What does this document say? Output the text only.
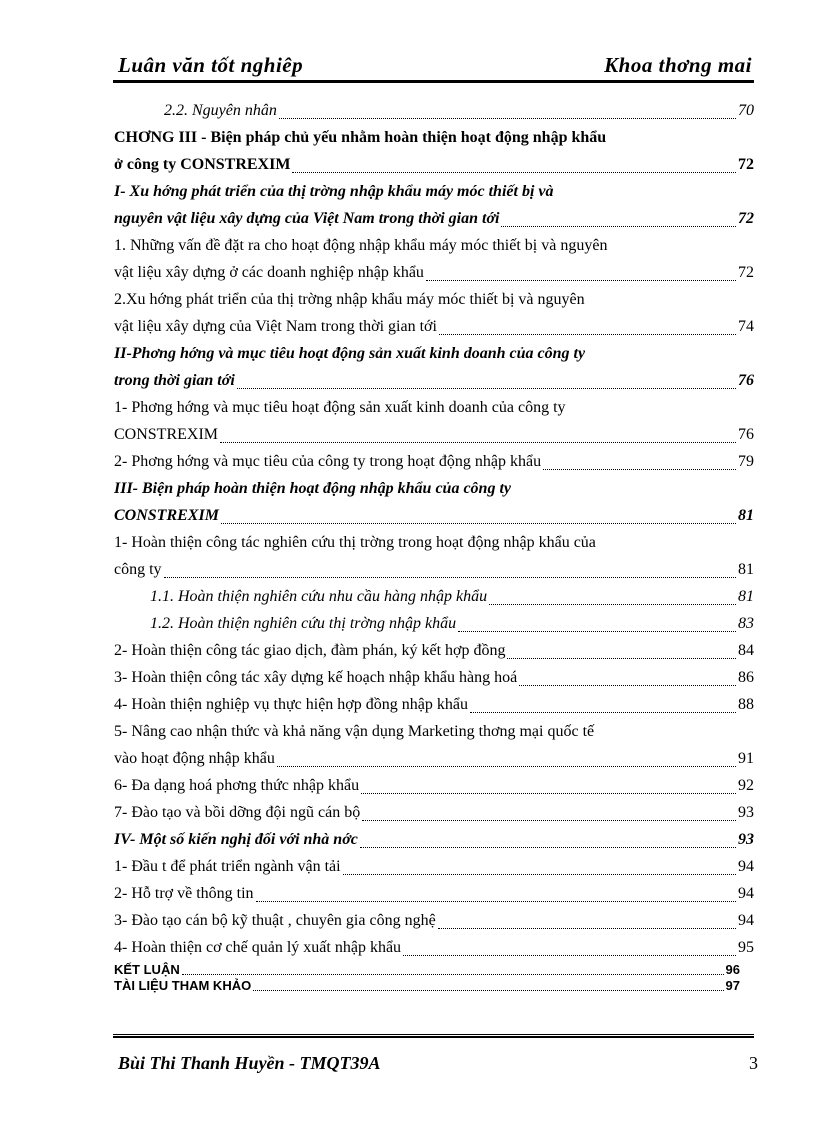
Luân văn tốt nghiêp	Khoa thơng mai
2.2. Nguyên nhân	70
CHƠNG III - Biện pháp chủ yếu nhằm hoàn thiện hoạt động nhập khẩu
ở công ty CONSTREXIM	72
I- Xu hớng phát triển của thị trờng nhập khẩu máy móc thiết bị và
nguyên vật liệu xây dựng của Việt Nam trong thời gian tới	72
1. Những vấn đề đặt ra cho hoạt động nhập khẩu máy móc thiết bị và nguyên
vật liệu xây dựng ở các doanh nghiệp nhập khẩu	72
2.Xu hớng phát triển của thị trờng nhập khẩu máy móc thiết bị và nguyên
vật liệu xây dựng của Việt Nam trong thời gian tới	74
II-Phơng hớng và mục tiêu hoạt động sản xuất kinh doanh của công ty
trong thời gian tới	76
1- Phơng hớng và mục tiêu hoạt động sản xuất kinh doanh của công ty
CONSTREXIM	76
2- Phơng hớng và mục tiêu của công ty trong hoạt động nhập khẩu	79
III- Biện pháp hoàn thiện hoạt động nhập khẩu của công ty
CONSTREXIM	81
1- Hoàn thiện công tác nghiên cứu thị trờng trong hoạt động nhập khẩu của
công ty	81
1.1. Hoàn thiện nghiên cứu nhu cầu hàng nhập khẩu	81
1.2. Hoàn thiện nghiên cứu thị trờng nhập khẩu	83
2- Hoàn thiện công tác giao dịch, đàm phán, ký kết hợp đồng	84
3- Hoàn thiện công tác xây dựng kế hoạch nhập khẩu hàng hoá	86
4- Hoàn thiện nghiệp vụ thực hiện hợp đồng nhập khẩu	88
5- Nâng cao nhận thức và khả năng vận dụng Marketing thơng mại quốc tế
vào hoạt động nhập khẩu	91
6- Đa dạng hoá phơng thức nhập khẩu	92
7- Đào tạo và bồi dỡng đội ngũ cán bộ	93
IV- Một số kiến nghị đối với nhà nớc	93
1- Đầu t để phát triển ngành vận tải	94
2- Hỗ trợ về thông tin	94
3- Đào tạo cán bộ kỹ thuật , chuyên gia công nghệ	94
4- Hoàn thiện cơ chế quản lý xuất nhập khẩu	95
KẾT LUẬN	96
TÀI LIỆU THAM KHẢO	97
Bùi Thi Thanh Huyền - TMQT39A	3
